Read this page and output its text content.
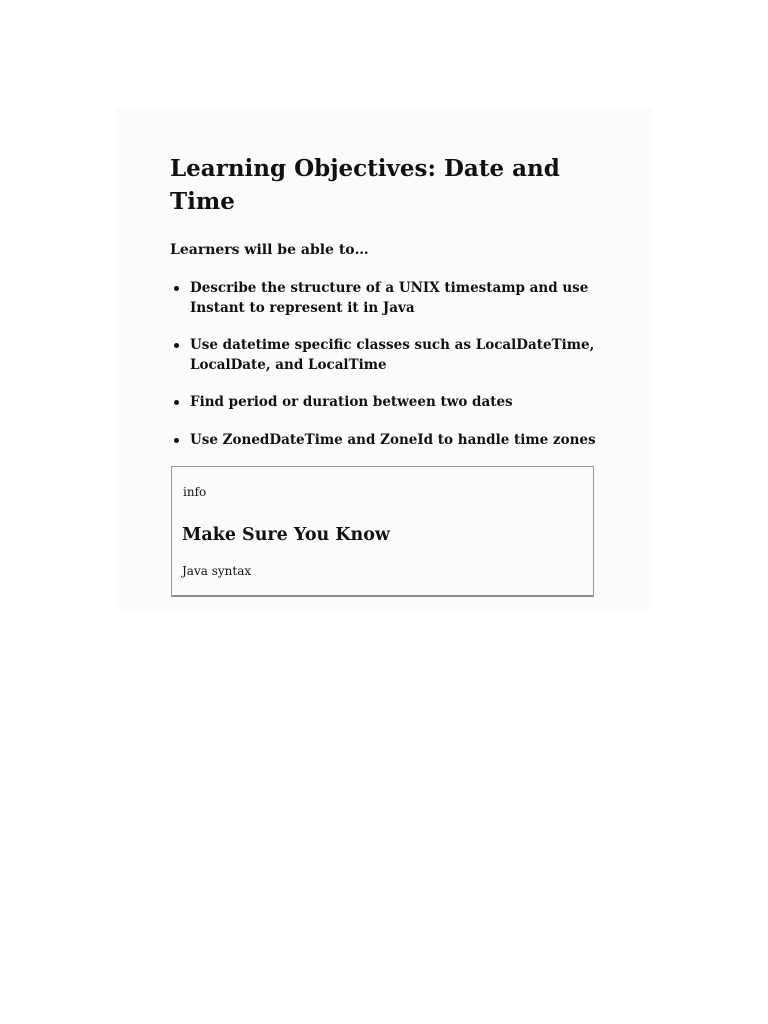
Learning Objectives: Date and Time

Learners will be able to…

Describe the structure of a UNIX timestamp and use Instant to represent it in Java
Use datetime specific classes such as LocalDateTime, LocalDate, and LocalTime
Find period or duration between two dates
Use ZonedDateTime and ZoneId to handle time zones
info
Make Sure You Know
Java syntax
